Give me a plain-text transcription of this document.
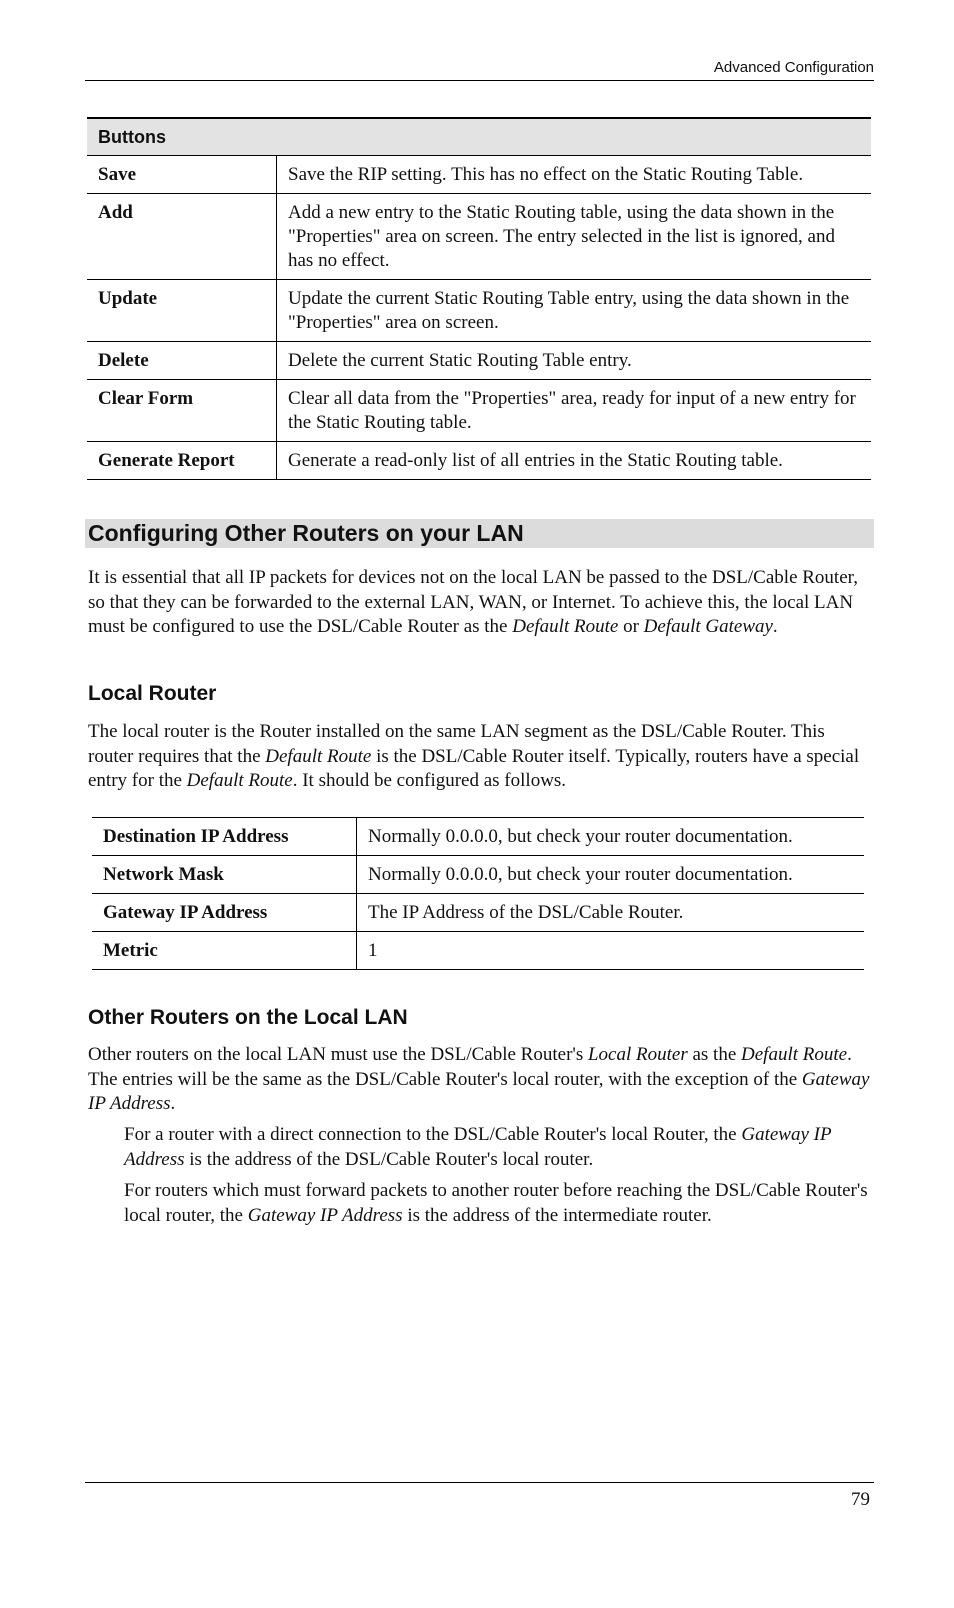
Advanced Configuration
Buttons	
Save	Save the RIP setting. This has no effect on the Static Routing Table.
Add	Add a new entry to the Static Routing table, using the data shown in the "Properties" area on screen. The entry selected in the list is ignored, and has no effect.
Update	Update the current Static Routing Table entry, using the data shown in the "Properties" area on screen.
Delete	Delete the current Static Routing Table entry.
Clear Form	Clear all data from the "Properties" area, ready for input of a new entry for the Static Routing table.
Generate Report	Generate a read-only list of all entries in the Static Routing table.
Configuring Other Routers on your LAN

It is essential that all IP packets for devices not on the local LAN be passed to the DSL/Cable Router, so that they can be forwarded to the external LAN, WAN, or Internet. To achieve this, the local LAN must be configured to use the DSL/Cable Router as the Default Route or Default Gateway.

Local Router

The local router is the Router installed on the same LAN segment as the DSL/Cable Router. This router requires that the Default Route is the DSL/Cable Router itself. Typically, routers have a special entry for the Default Route. It should be configured as follows.

Destination IP Address	Normally 0.0.0.0, but check your router documentation.
Network Mask	Normally 0.0.0.0, but check your router documentation.
Gateway IP Address	The IP Address of the DSL/Cable Router.
Metric	1
Other Routers on the Local LAN

Other routers on the local LAN must use the DSL/Cable Router's Local Router as the Default Route. The entries will be the same as the DSL/Cable Router's local router, with the exception of the Gateway IP Address.

For a router with a direct connection to the DSL/Cable Router's local Router, the Gateway IP Address is the address of the DSL/Cable Router's local router.

For routers which must forward packets to another router before reaching the DSL/Cable Router's local router, the Gateway IP Address is the address of the intermediate router.

79
